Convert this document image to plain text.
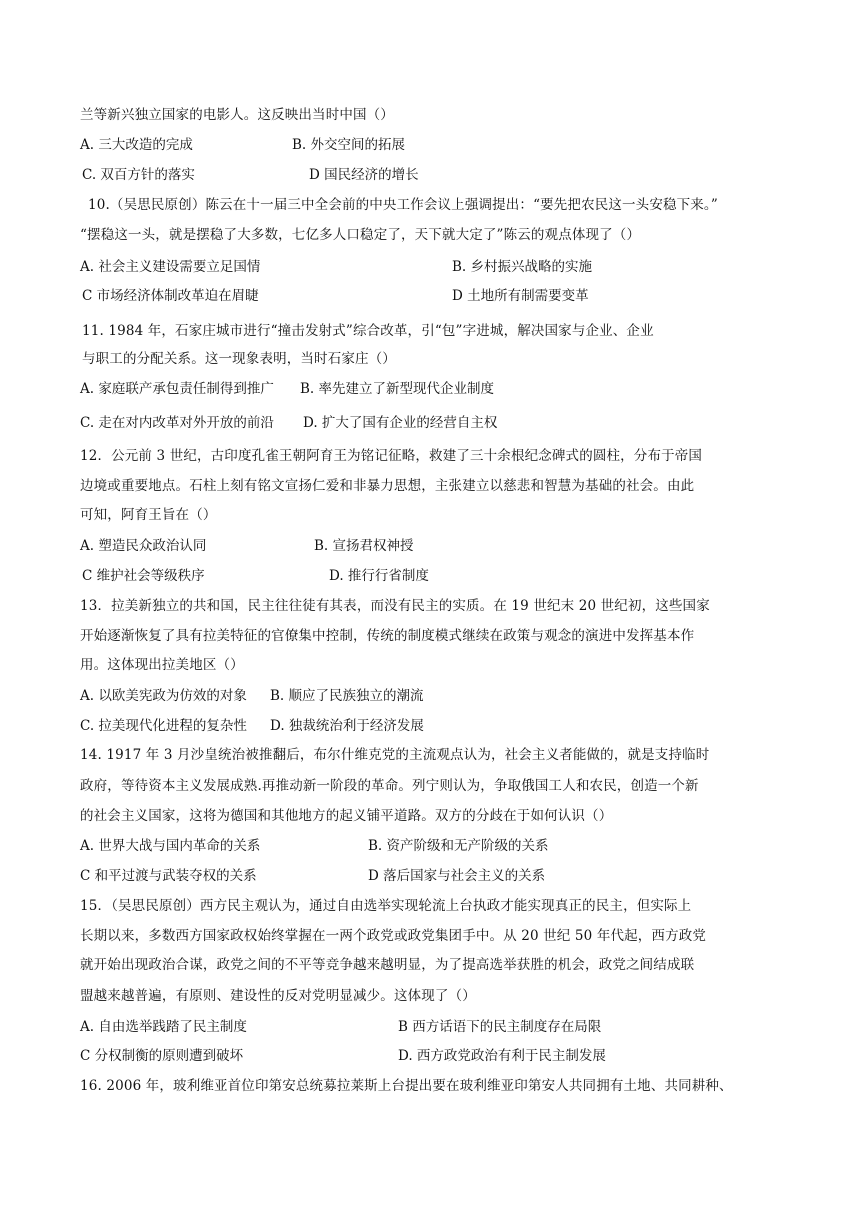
兰等新兴独立国家的电影人。这反映出当时中国（）
A. 三大改造的完成	B. 外交空间的拓展
C. 双百方针的落实	D 国民经济的增长
10.（吴思民原创）陈云在十一届三中全会前的中央工作会议上强调提出：“要先把农民这一头安稳下来。”
“摆稳这一头，就是摆稳了大多数，七亿多人口稳定了，天下就大定了”陈云的观点体现了（）
A. 社会主义建设需要立足国情	B. 乡村振兴战略的实施
C 市场经济体制改革迫在眉睫	D 土地所有制需要变革
11. 1984 年，石家庄城市进行“撞击发射式”综合改革，引“包”字进城，解决国家与企业、企业
与职工的分配关系。这一现象表明，当时石家庄（）
A. 家庭联产承包责任制得到推广 B. 率先建立了新型现代企业制度
C. 走在对内改革对外开放的前沿 D. 扩大了国有企业的经营自主权
12．公元前 3 世纪，古印度孔雀王朝阿育王为铭记征略，救建了三十余根纪念碑式的圆柱，分布于帝国
边境或重要地点。石柱上刻有铭文宣扬仁爱和非暴力思想，主张建立以慈悲和智慧为基础的社会。由此
可知，阿育王旨在（）
A. 塑造民众政治认同	B. 宣扬君权神授
C 维护社会等级秩序	D. 推行行省制度
13．拉美新独立的共和国，民主往往徒有其表，而没有民主的实质。在 19 世纪末 20 世纪初，这些国家
开始逐渐恢复了具有拉美特征的官僚集中控制，传统的制度模式继续在政策与观念的演进中发挥基本作
用。这体现出拉美地区（）
A. 以欧美宪政为仿效的对象 B. 顺应了民族独立的潮流
C. 拉美现代化进程的复杂性 D. 独裁统治利于经济发展
14. 1917 年 3 月沙皇统治被推翻后，布尔什维克党的主流观点认为，社会主义者能做的，就是支持临时
政府，等待资本主义发展成熟.再推动新一阶段的革命。列宁则认为，争取俄国工人和农民，创造一个新
的社会主义国家，这将为德国和其他地方的起义铺平道路。双方的分歧在于如何认识（）
A. 世界大战与国内革命的关系	B. 资产阶级和无产阶级的关系
C 和平过渡与武装夺权的关系	D 落后国家与社会主义的关系
15．（吴思民原创）西方民主观认为，通过自由选举实现轮流上台执政才能实现真正的民主，但实际上
长期以来，多数西方国家政权始终掌握在一两个政党或政党集团手中。从 20 世纪 50 年代起，西方政党
就开始出现政治合谋，政党之间的不平等竞争越来越明显，为了提高选举获胜的机会，政党之间结成联
盟越来越普遍，有原则、建设性的反对党明显减少。这体现了（）
A. 自由选举践踏了民主制度	B 西方话语下的民主制度存在局限
C 分权制衡的原则遭到破坏	D. 西方政党政治有利于民主制发展
16. 2006 年，玻利维亚首位印第安总统募拉莱斯上台提出要在玻利维亚印第安人共同拥有土地、共同耕种、
